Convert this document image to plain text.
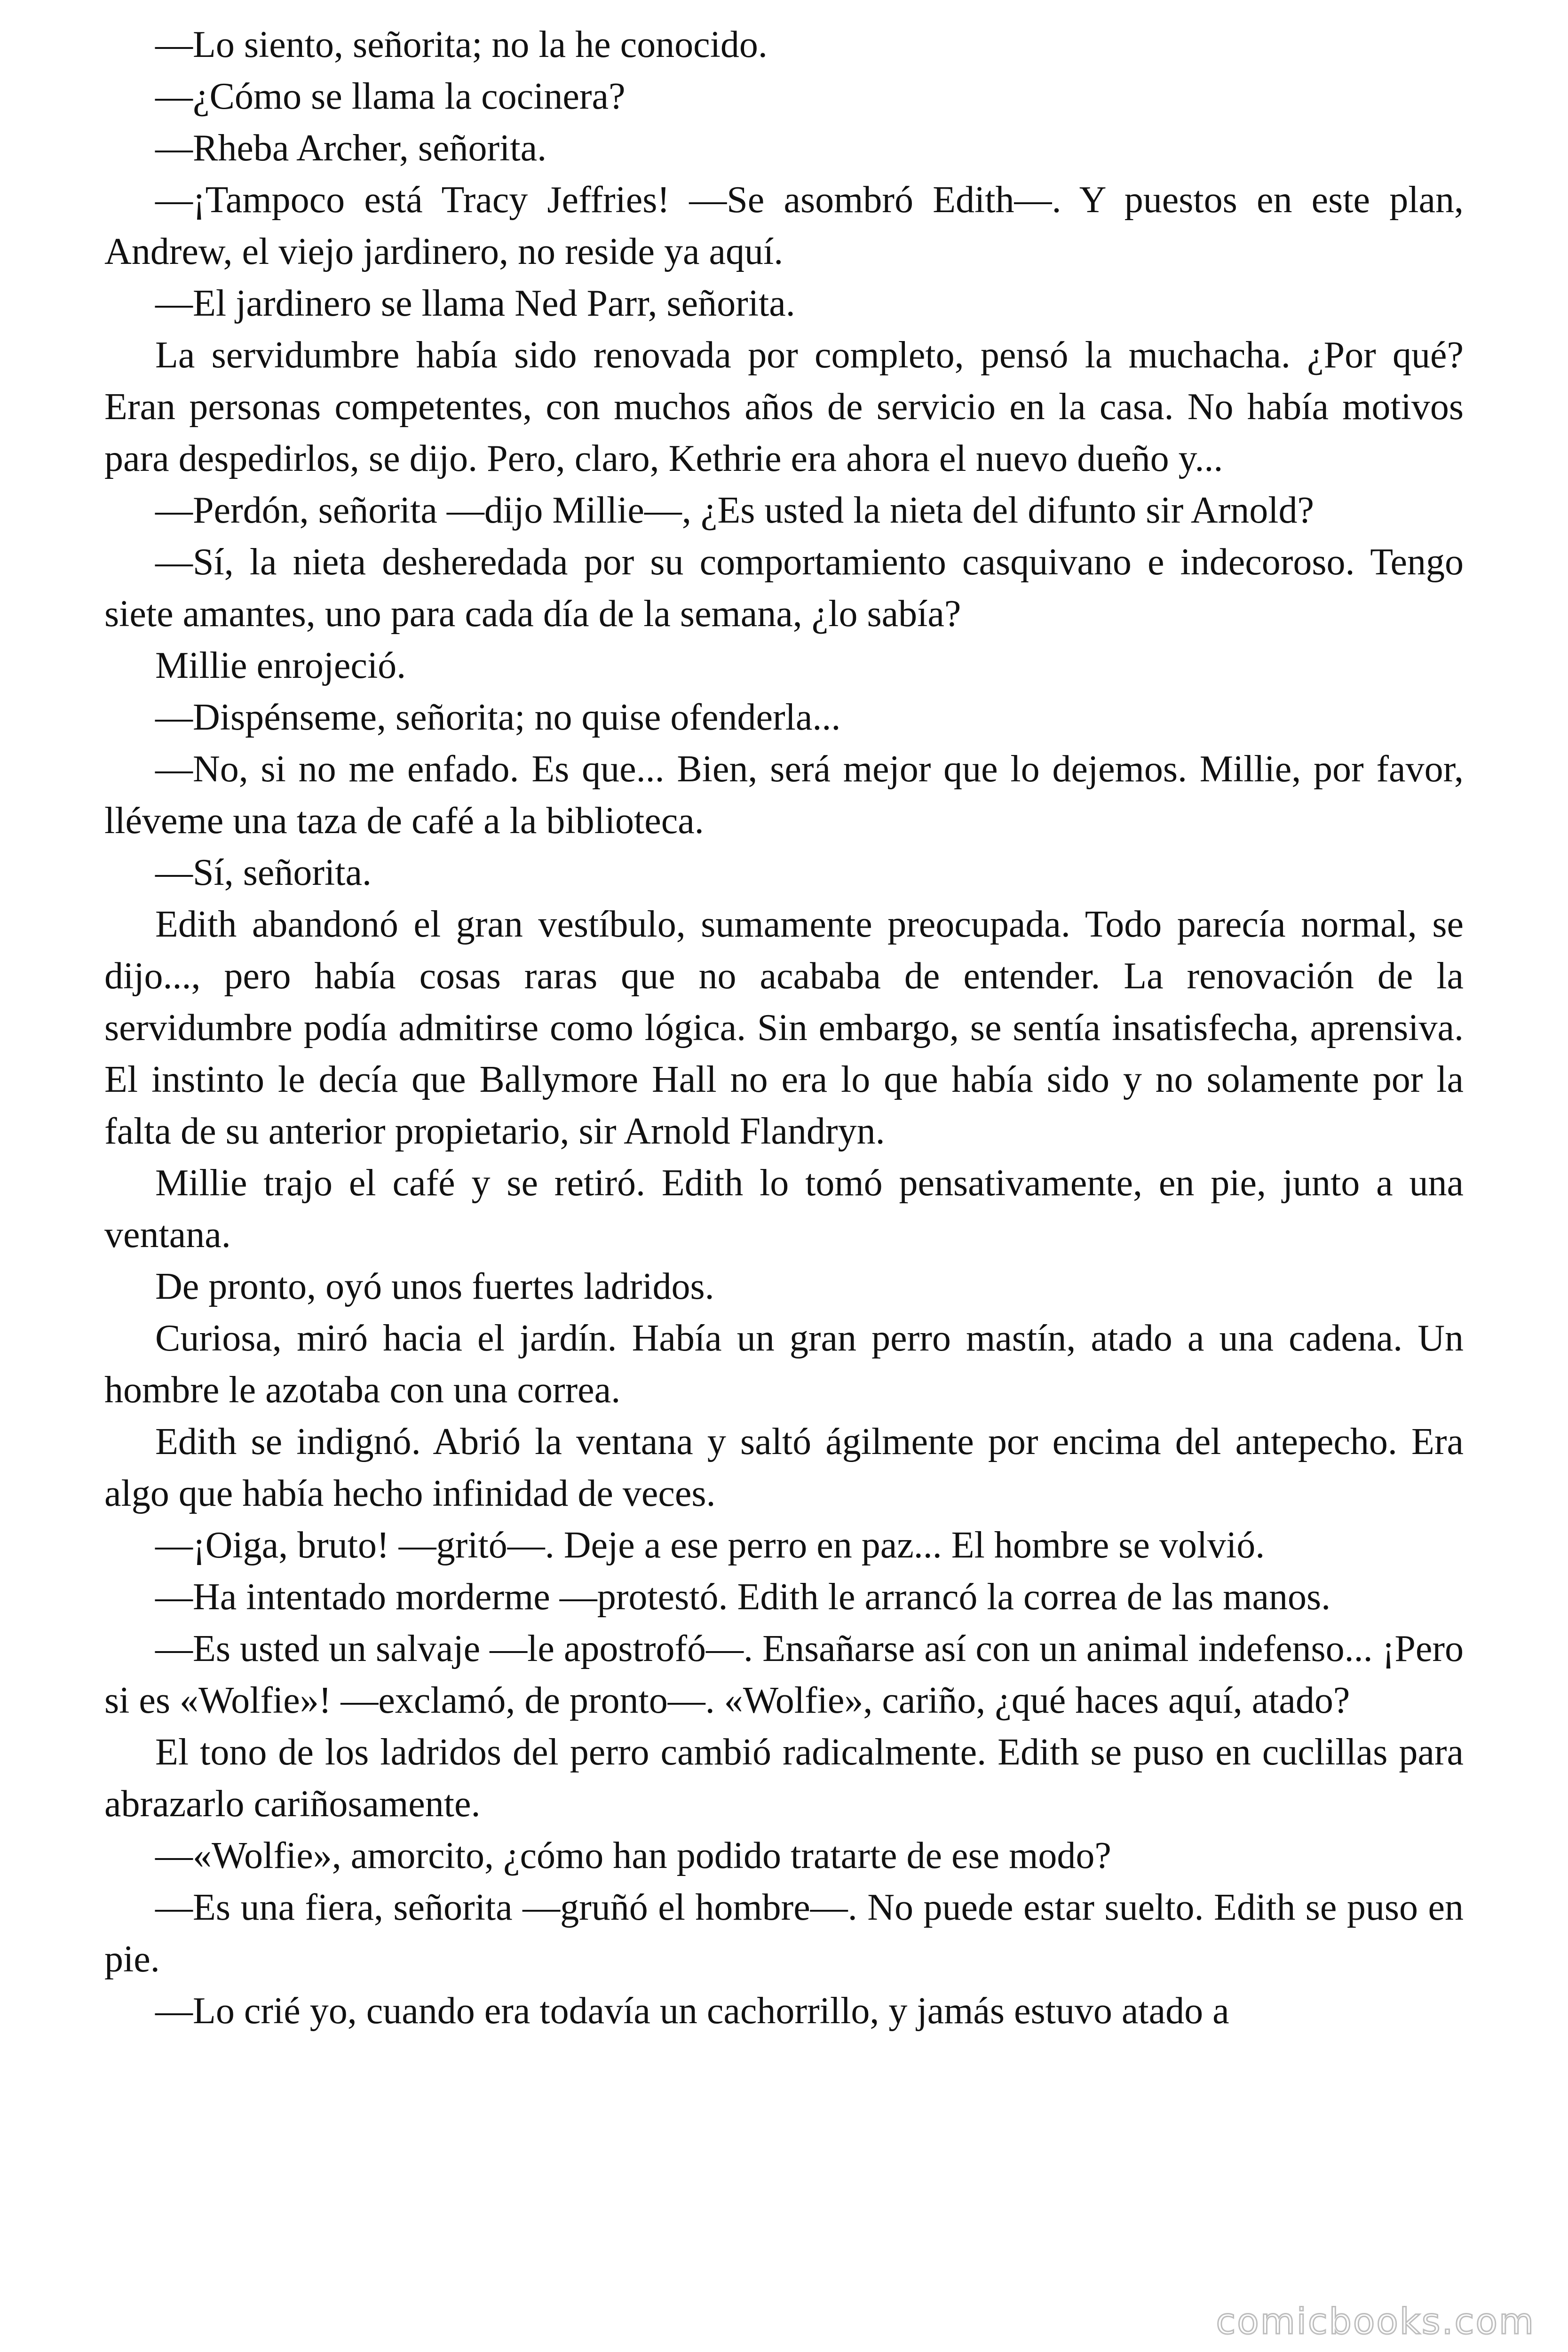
—Lo siento, señorita; no la he conocido.

—¿Cómo se llama la cocinera?

—Rheba Archer, señorita.

—¡Tampoco está Tracy Jeffries! —Se asombró Edith—. Y puestos en este plan, Andrew, el viejo jardinero, no reside ya aquí.

—El jardinero se llama Ned Parr, señorita.

La servidumbre había sido renovada por completo, pensó la muchacha. ¿Por qué? Eran personas competentes, con muchos años de servicio en la casa. No había motivos para despedirlos, se dijo. Pero, claro, Kethrie era ahora el nuevo dueño y...

—Perdón, señorita —dijo Millie—, ¿Es usted la nieta del difunto sir Arnold?

—Sí, la nieta desheredada por su comportamiento casquivano e indecoroso. Tengo siete amantes, uno para cada día de la semana, ¿lo sabía?

Millie enrojeció.

—Dispénseme, señorita; no quise ofenderla...

—No, si no me enfado. Es que... Bien, será mejor que lo dejemos. Millie, por favor, lléveme una taza de café a la biblioteca.

—Sí, señorita.

Edith abandonó el gran vestíbulo, sumamente preocupada. Todo parecía normal, se dijo..., pero había cosas raras que no acababa de entender. La renovación de la servidumbre podía admitirse como lógica. Sin embargo, se sentía insatisfecha, aprensiva. El instinto le decía que Ballymore Hall no era lo que había sido y no solamente por la falta de su anterior propietario, sir Arnold Flandryn.

Millie trajo el café y se retiró. Edith lo tomó pensativamente, en pie, junto a una ventana.

De pronto, oyó unos fuertes ladridos.

Curiosa, miró hacia el jardín. Había un gran perro mastín, atado a una cadena. Un hombre le azotaba con una correa.

Edith se indignó. Abrió la ventana y saltó ágilmente por encima del antepecho. Era algo que había hecho infinidad de veces.

—¡Oiga, bruto! —gritó—. Deje a ese perro en paz... El hombre se volvió.

—Ha intentado morderme —protestó. Edith le arrancó la correa de las manos.

—Es usted un salvaje —le apostrofó—. Ensañarse así con un animal indefenso... ¡Pero si es «Wolfie»! —exclamó, de pronto—. «Wolfie», cariño, ¿qué haces aquí, atado?

El tono de los ladridos del perro cambió radicalmente. Edith se puso en cuclillas para abrazarlo cariñosamente.

—«Wolfie», amorcito, ¿cómo han podido tratarte de ese modo?

—Es una fiera, señorita —gruñó el hombre—. No puede estar suelto. Edith se puso en pie.

—Lo crié yo, cuando era todavía un cachorrillo, y jamás estuvo atado a

comicbooks.com
